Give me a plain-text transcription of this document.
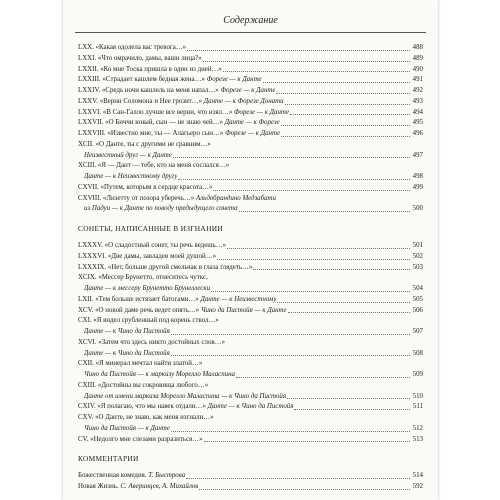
Содержание
LXX. «Какая одолела вас тревога…»	488
LXXI. «Что омрачило, дамы, ваши лица?»	489
LXXII. «Ко мне Тоска пришла в один из дней…»	490
LXXIII. «Страдает кашлем бедная жена…» Форезе — к Данте	491
LXXIV. «Средь ночи кашлель на меня напал…» Форезе — к Данте	492
LXXV. «Верни Соломона и Нее грозит…» Данте — к Форезе Донати	493
LXXVI. «В Сан-Галло лучше все верни, что изял…» Форезе — к Данте	494
LXXVII. «О Биччи юный, сын — не знаю чей…» Данте — к Форезе	495
LXXVIII. «Известно мне, ты — Алагьеро сын…» Форезе — к Данте	496
XCII. «О Данте, ты с другими не сравним…»
Неизвестный друг — к Данте	497
XCIII. «Я — Дант — тебе, кто на меня сослался…»
Данте — к Неизвестному другу	498
CXVII. «Путем, которым в сердце красота…»	499
CXVIII. «Лизетту от позора уберечь…» Альдобрандино Медзабати
из Падуи — к Данте по поводу предыдущего сонета	500
СОНЕТЫ, НАПИСАННЫЕ В ИЗГНАНИИ
LXXXV. «О сладостный сонет, ты речь ведешь…»	501
LXXXVI. «Две дамы, завладев моей душой…»	502
LXXXIX. «Нет, больше другой смельчак в глаза глядеть…»	503
XCIX. «Мессер Брунетто, отнеситесь чуткс,
Данте — к мессеру Брунетто Брунеллески	504
LXII. «Тем больше истязает батогами…» Данте — к Неизвестному	505
XCV. «О новой даме речь ведет опять…» Чино да Пистойя — к Данте	506
CXI. «Я видел срубленный под корень ствол…»
Данте — к Чино да Пистойя	507
XCVI. «Затем что здесь никто достойных слов…»
Данте — к Чино да Пистойя	508
CXII. «Я минерал мечтал найти златой…»
Чино да Пистойя — к маркизу Морелло Маласпина	509
CXIII. «Достойны вы сокровища любого…»
Данте от имени маркиза Морелло Маласпина — к Чино да Пистойя	510
CXIV. «Я полагаю, что мы навек отдали…» Данте — к Чино да Пистойя	511
CXV. «О Данте, не знаю, как меня изгнали…»
Чино да Пистойя — к Данте	512
CV. «Недолго мне слезами разразиться…»	513
КОММЕНТАРИИ
Божественная комедия. Т. Быстрова	514
Новая Жизнь. С. Аверинцев, А. Михайлов	592
